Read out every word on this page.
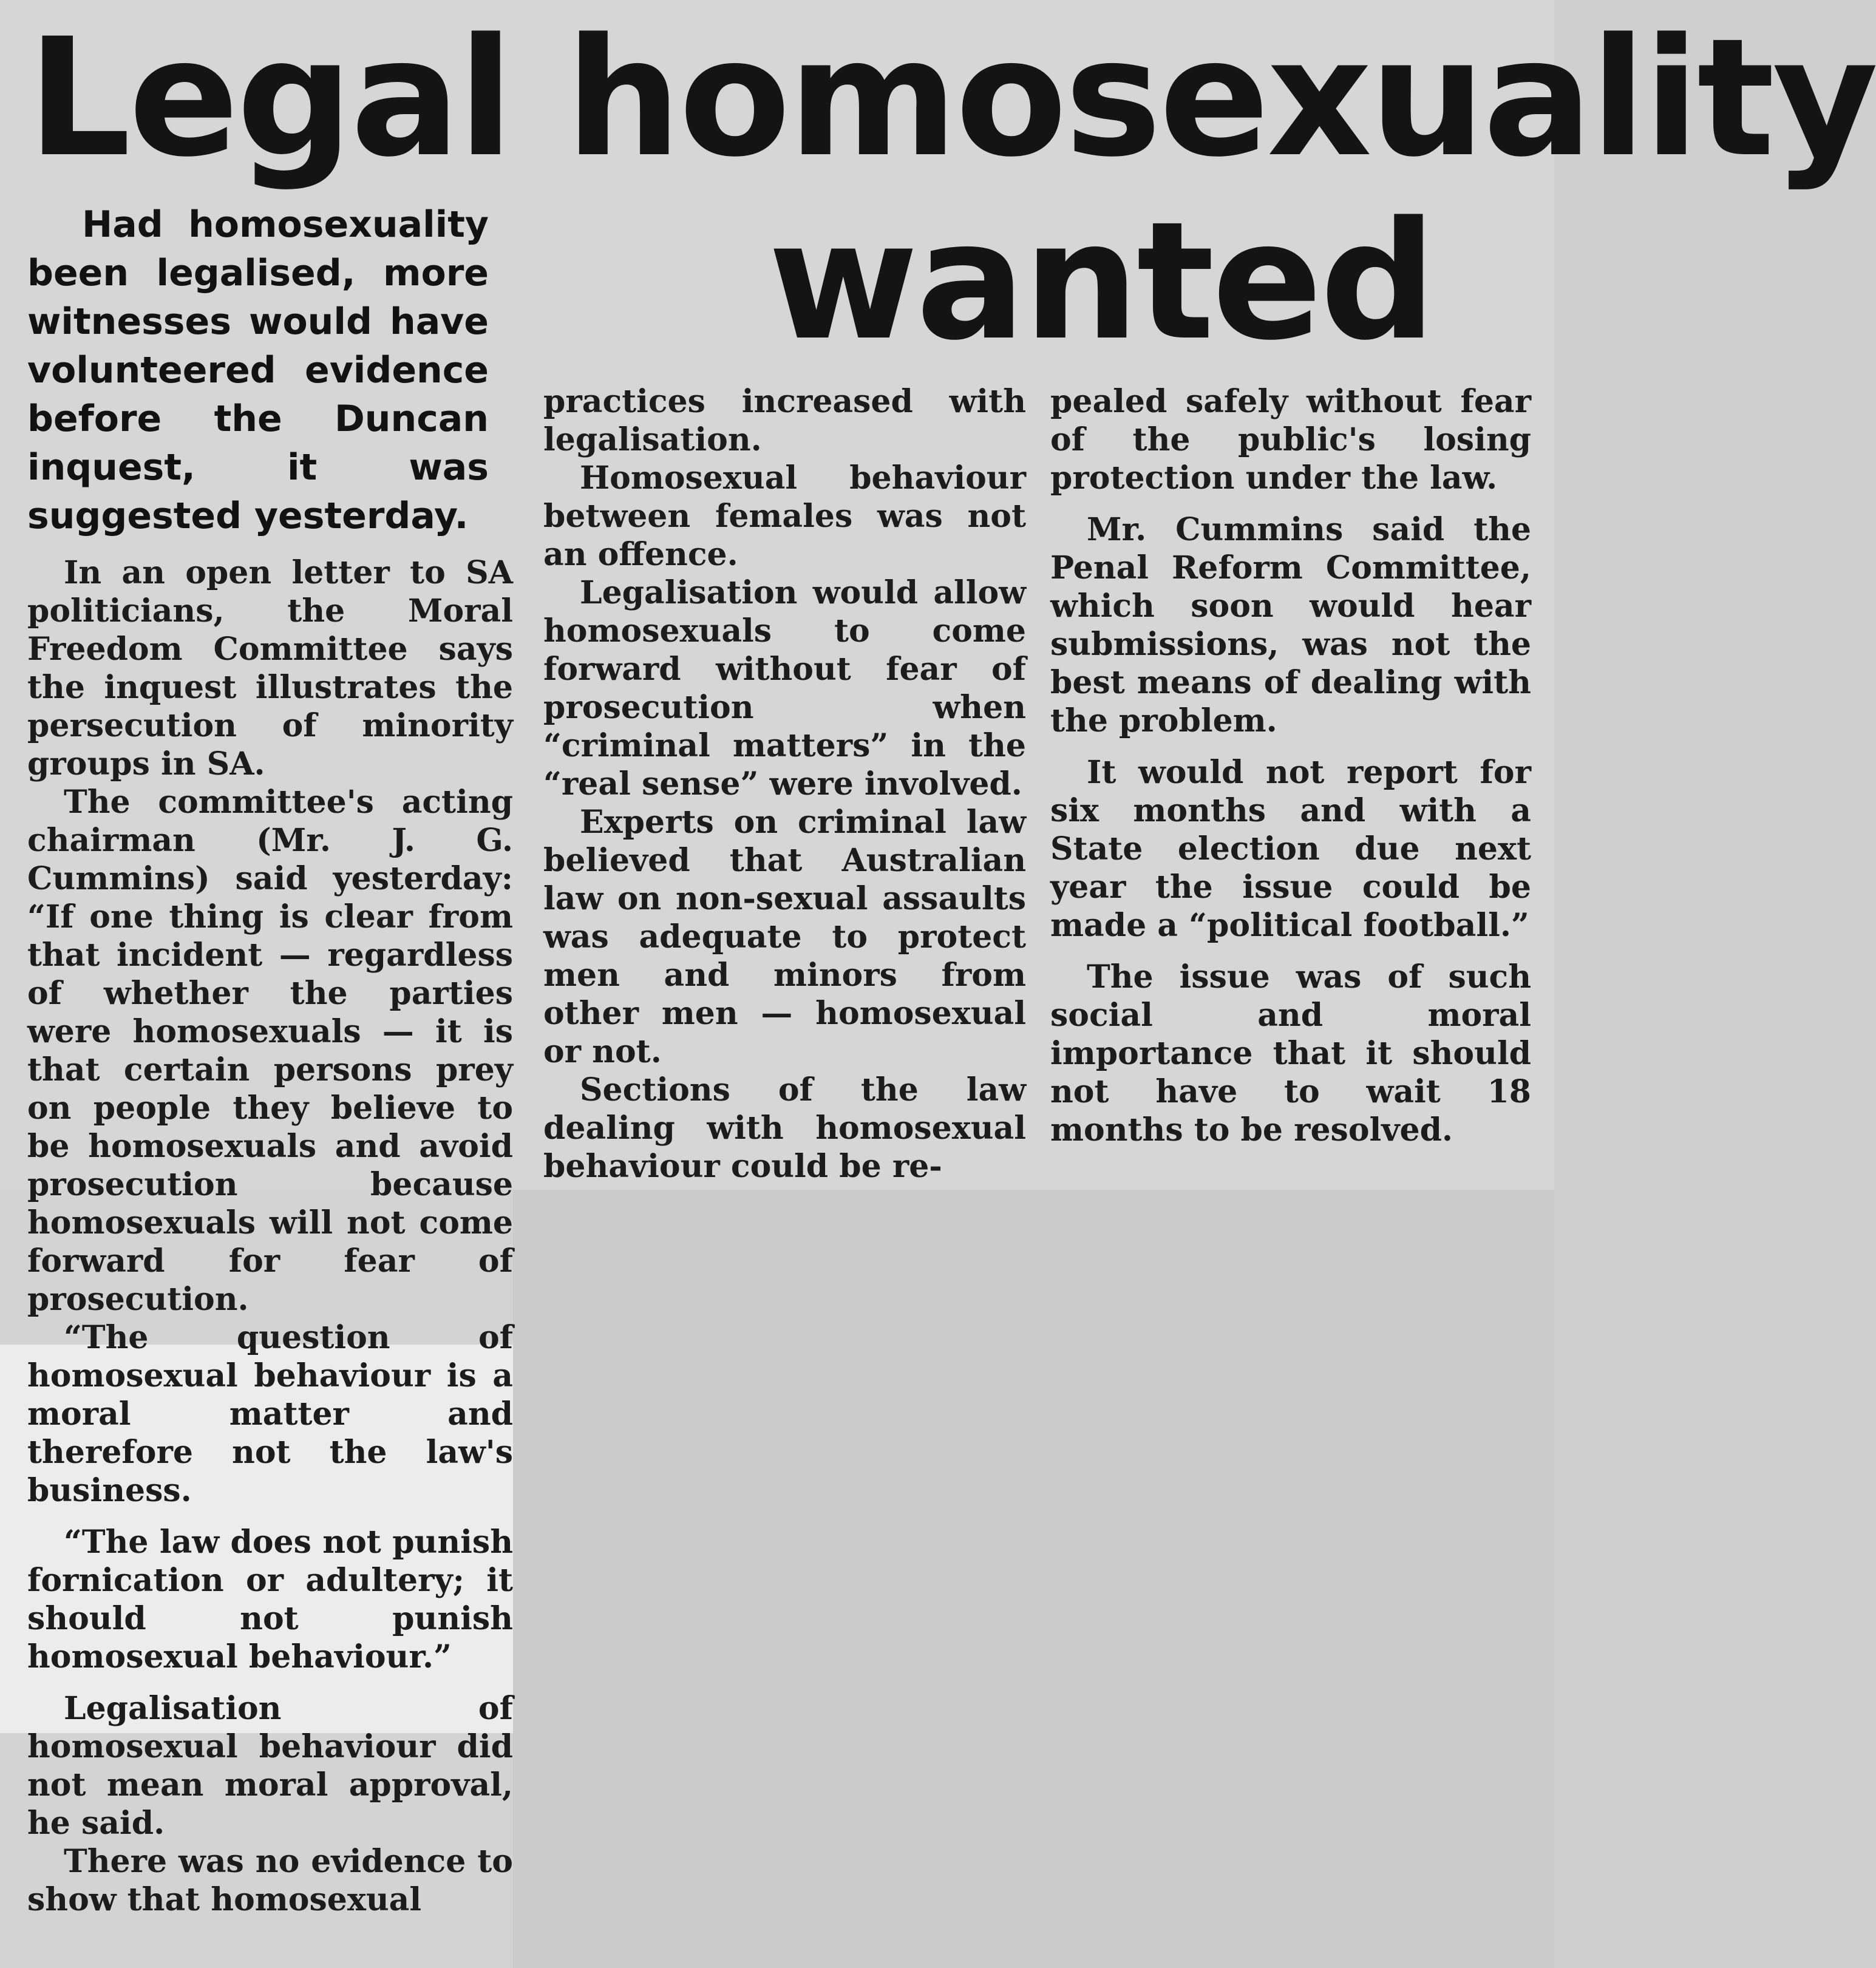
Legal homosexuality
wanted

Had homosexuality been legalised, more witnesses would have volunteered evidence before the Duncan inquest, it was suggested yesterday.

In an open letter to SA politicians, the Moral Freedom Committee says the inquest illustrates the persecution of minority groups in SA.

The committee's acting chairman (Mr. J. G. Cummins) said yesterday: “If one thing is clear from that incident — regardless of whether the parties were homosexuals — it is that certain persons prey on people they believe to be homosexuals and avoid prosecution because homosexuals will not come forward for fear of prosecution.

“The question of homosexual behaviour is a moral matter and therefore not the law's business.

“The law does not punish fornication or adultery; it should not punish homosexual behaviour.”

Legalisation of homosexual behaviour did not mean moral approval, he said.

There was no evidence to show that homosexual

practices increased with legalisation.

Homosexual behaviour between females was not an offence.

Legalisation would allow homosexuals to come forward without fear of prosecution when “criminal matters” in the “real sense” were involved.

Experts on criminal law believed that Australian law on non-sexual assaults was adequate to protect men and minors from other men — homosexual or not.

Sections of the law dealing with homosexual behaviour could be re-

pealed safely without fear of the public's losing protection under the law.

Mr. Cummins said the Penal Reform Committee, which soon would hear submissions, was not the best means of dealing with the problem.

It would not report for six months and with a State election due next year the issue could be made a “political football.”

The issue was of such social and moral importance that it should not have to wait 18 months to be resolved.
